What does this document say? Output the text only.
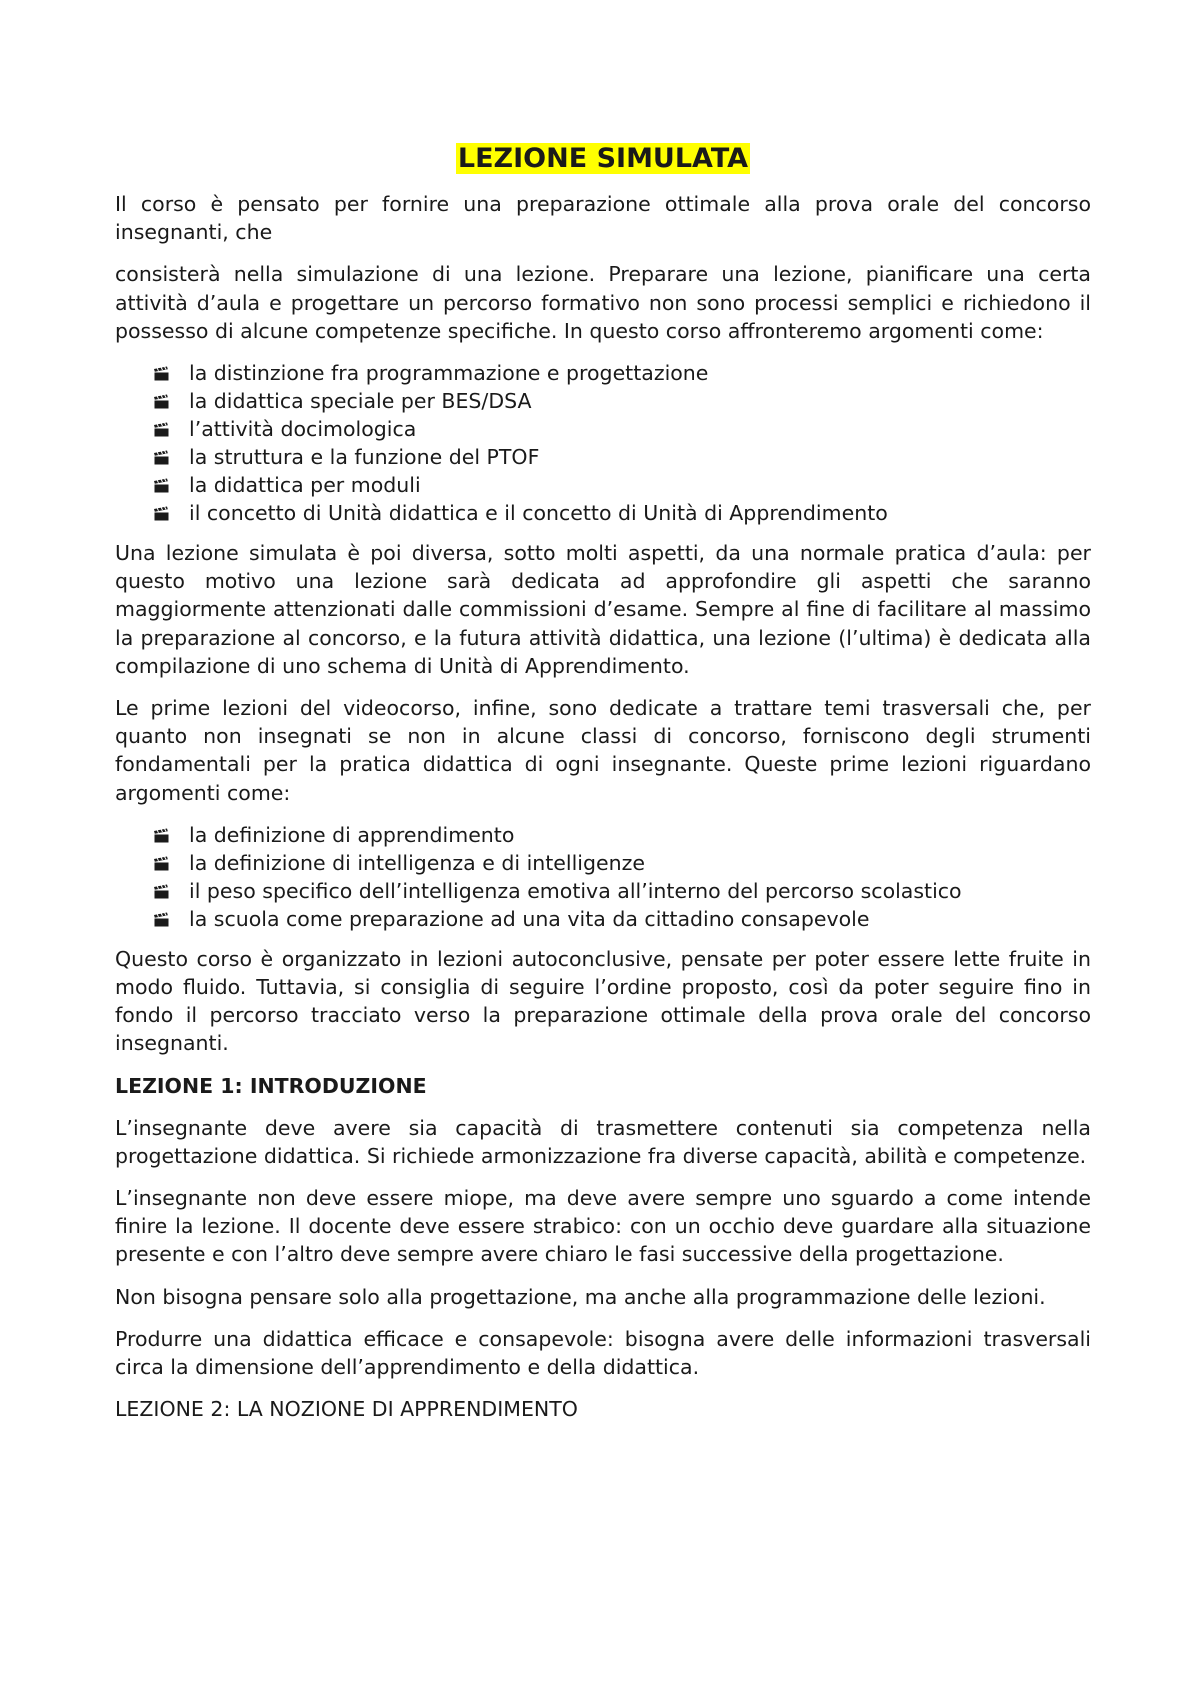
LEZIONE SIMULATA

Il corso è pensato per fornire una preparazione ottimale alla prova orale del concorso insegnanti, che

consisterà nella simulazione di una lezione. Preparare una lezione, pianificare una certa attività d’aula e progettare un percorso formativo non sono processi semplici e richiedono il possesso di alcune competenze specifiche. In questo corso affronteremo argomenti come:

la distinzione fra programmazione e progettazione
la didattica speciale per BES/DSA
l’attività docimologica
la struttura e la funzione del PTOF
la didattica per moduli
il concetto di Unità didattica e il concetto di Unità di Apprendimento

Una lezione simulata è poi diversa, sotto molti aspetti, da una normale pratica d’aula: per questo motivo una lezione sarà dedicata ad approfondire gli aspetti che saranno maggiormente attenzionati dalle commissioni d’esame. Sempre al fine di facilitare al massimo la preparazione al concorso, e la futura attività didattica, una lezione (l’ultima) è dedicata alla compilazione di uno schema di Unità di Apprendimento.

Le prime lezioni del videocorso, infine, sono dedicate a trattare temi trasversali che, per quanto non insegnati se non in alcune classi di concorso, forniscono degli strumenti fondamentali per la pratica didattica di ogni insegnante. Queste prime lezioni riguardano argomenti come:

la definizione di apprendimento
la definizione di intelligenza e di intelligenze
il peso specifico dell’intelligenza emotiva all’interno del percorso scolastico
la scuola come preparazione ad una vita da cittadino consapevole

Questo corso è organizzato in lezioni autoconclusive, pensate per poter essere lette fruite in modo fluido. Tuttavia, si consiglia di seguire l’ordine proposto, così da poter seguire fino in fondo il percorso tracciato verso la preparazione ottimale della prova orale del concorso insegnanti.

LEZIONE 1: INTRODUZIONE

L’insegnante deve avere sia capacità di trasmettere contenuti sia competenza nella progettazione didattica. Si richiede armonizzazione fra diverse capacità, abilità e competenze.

L’insegnante non deve essere miope, ma deve avere sempre uno sguardo a come intende finire la lezione. Il docente deve essere strabico: con un occhio deve guardare alla situazione presente e con l’altro deve sempre avere chiaro le fasi successive della progettazione.

Non bisogna pensare solo alla progettazione, ma anche alla programmazione delle lezioni.

Produrre una didattica efficace e consapevole: bisogna avere delle informazioni trasversali circa la dimensione dell’apprendimento e della didattica.

LEZIONE 2: LA NOZIONE DI APPRENDIMENTO
